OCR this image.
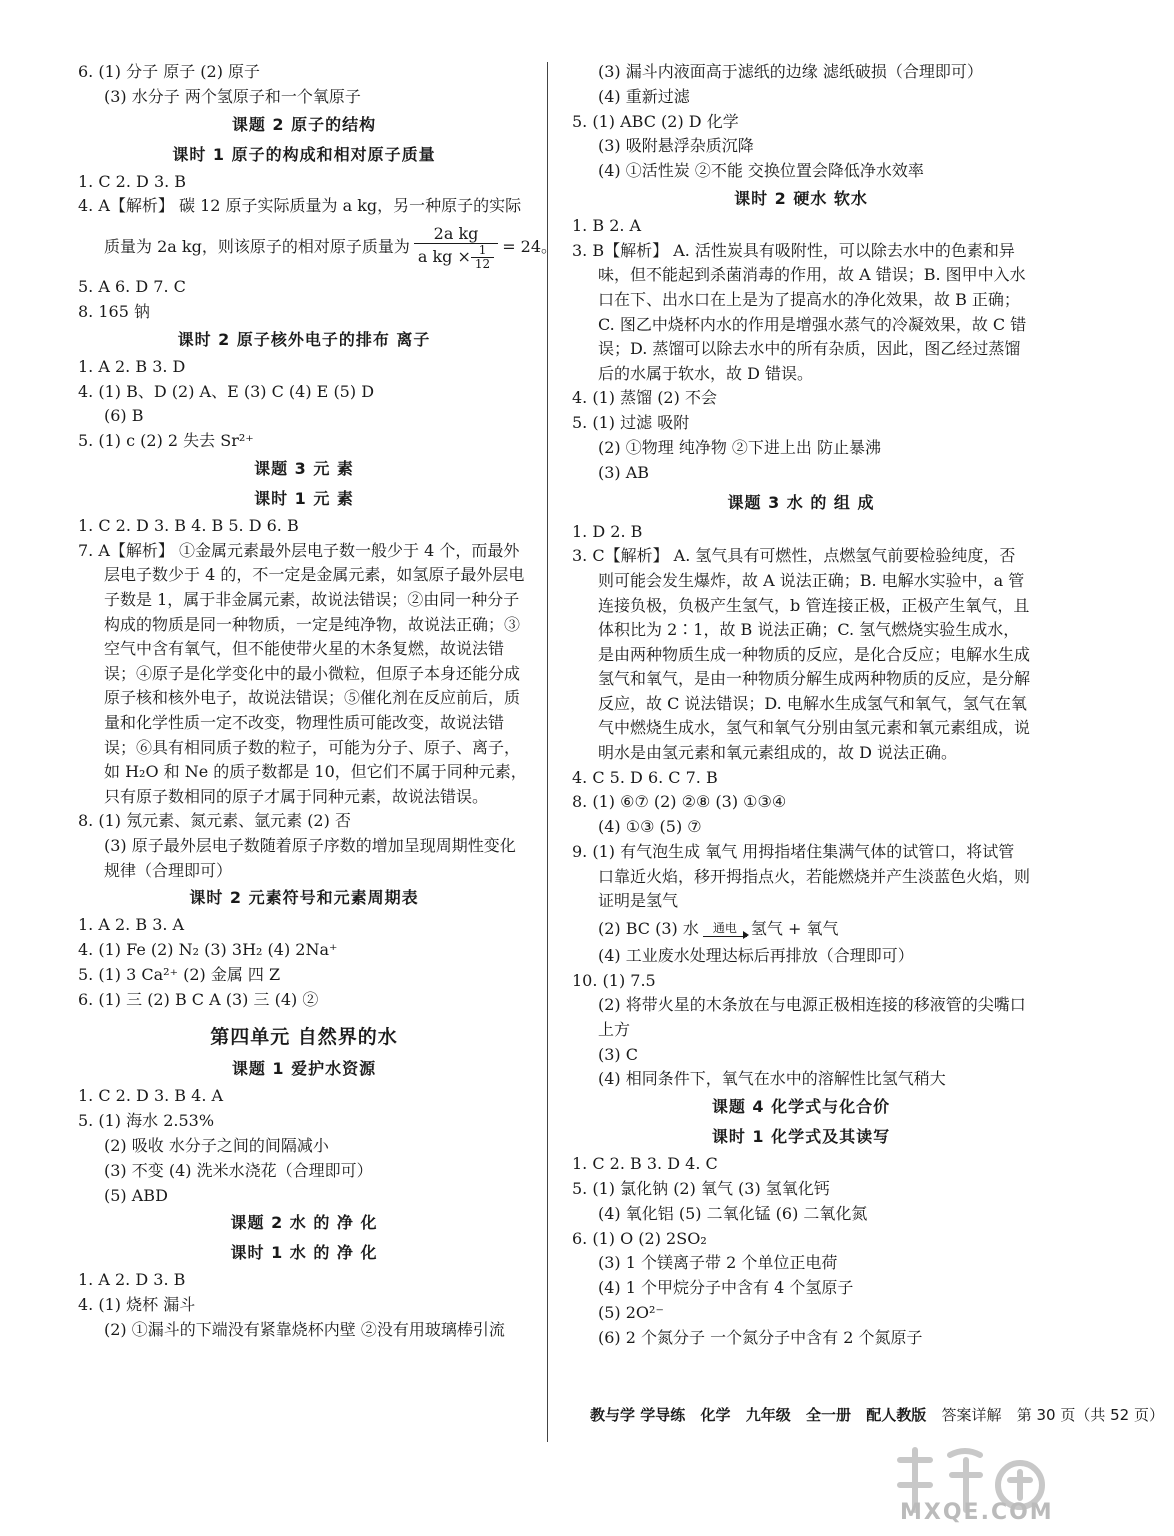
6. (1) 分子 原子 (2) 原子
(3) 水分子 两个氢原子和一个氧原子
课题 2 原子的结构
课时 1 原子的构成和相对原子质量
1. C 2. D 3. B
4. A【解析】 碳 12 原子实际质量为 a kg，另一种原子的实际
质量为 2a kg，则该原子的相对原子质量为 $\frac{\text{2a kg}}{a kg \times \frac{1}{12}} = 24$。
5. A 6. D 7. C
8. 165 钠
课时 2 原子核外电子的排布 离子
1. A 2. B 3. D
4. (1) B、D (2) A、E (3) C (4) E (5) D
(6) B
5. (1) c (2) 2 失去 Sr²⁺
课题 3 元 素
课时 1 元 素
1. C 2. D 3. B 4. B 5. D 6. B
7. A【解析】 ①金属元素最外层电子数一般少于 4 个，而最外层电子数少于 4 的，不一定是金属元素，如氢原子最外层电子数是 1，属于非金属元素，故说法错误；②由同一种分子构成的物质是同一种物质，一定是纯净物，故说法正确；③空气中含有氧气，但不能使带火星的木条复燃，故说法错误；④原子是化学变化中的最小微粒，但原子本身还能分成原子核和核外电子，故说法错误；⑤催化剂在反应前后，质量和化学性质一定不改变，物理性质可能改变，故说法错误；⑥具有相同质子数的粒子，可能为分子、原子、离子，如 H₂O 和 Ne 的质子数都是 10，但它们不属于同种元素，只有原子数相同的原子才属于同种元素，故说法错误。
8. (1) 氖元素、氮元素、氩元素 (2) 否
(3) 原子最外层电子数随着原子序数的增加呈现周期性变化规律（合理即可）
课时 2 元素符号和元素周期表
1. A 2. B 3. A
4. (1) Fe (2) N₂ (3) 3H₂ (4) 2Na⁺
5. (1) 3 Ca²⁺ (2) 金属 四 Z
6. (1) 三 (2) B C A (3) 三 (4) ②
第四单元 自然界的水
课题 1 爱护水资源
1. C 2. D 3. B 4. A
5. (1) 海水 2.53%
(2) 吸收 水分子之间的间隔减小
(3) 不变 (4) 洗米水浇花（合理即可）
(5) ABD
课题 2 水 的 净 化
课时 1 水 的 净 化
1. A 2. D 3. B
4. (1) 烧杯 漏斗
(2) ①漏斗的下端没有紧靠烧杯内壁 ②没有用玻璃棒引流
(3) 漏斗内液面高于滤纸的边缘 滤纸破损（合理即可）
(4) 重新过滤
5. (1) ABC (2) D 化学
(3) 吸附悬浮杂质沉降
(4) ①活性炭 ②不能 交换位置会降低净水效率
课时 2 硬水 软水
1. B 2. A
3. B【解析】 A. 活性炭具有吸附性，可以除去水中的色素和异味，但不能起到杀菌消毒的作用，故 A 错误；B. 图甲中入水口在下、出水口在上是为了提高水的净化效果，故 B 正确；C. 图乙中烧杯内水的作用是增强水蒸气的冷凝效果，故 C 错误；D. 蒸馏可以除去水中的所有杂质，因此，图乙经过蒸馏后的水属于软水，故 D 错误。
4. (1) 蒸馏 (2) 不会
5. (1) 过滤 吸附
(2) ①物理 纯净物 ②下进上出 防止暴沸
(3) AB
课题 3 水 的 组 成
1. D 2. B
3. C【解析】 A. 氢气具有可燃性，点燃氢气前要检验纯度，否则可能会发生爆炸，故 A 说法正确；B. 电解水实验中，a 管连接负极，负极产生氢气，b 管连接正极，正极产生氧气，且体积比为 2∶1，故 B 说法正确；C. 氢气燃烧实验生成水，是由两种物质生成一种物质的反应，是化合反应；电解水生成氢气和氧气，是由一种物质分解生成两种物质的反应，是分解反应，故 C 说法错误；D. 电解水生成氢气和氧气，氢气在氧气中燃烧生成水，氢气和氧气分别由氢元素和氧元素组成，说明水是由氢元素和氧元素组成的，故 D 说法正确。
4. C 5. D 6. C 7. B
8. (1) ⑥⑦ (2) ②⑧ (3) ①③④
(4) ①③ (5) ⑦
9. (1) 有气泡生成 氧气 用拇指堵住集满气体的试管口，将试管口靠近火焰，移开拇指点火，若能燃烧并产生淡蓝色火焰，则证明是氢气
(2) BC (3) 水	通电 氢气 + 氧气
(4) 工业废水处理达标后再排放（合理即可）
10. (1) 7.5
(2) 将带火星的木条放在与电源正极相连接的移液管的尖嘴口上方
(3) C
(4) 相同条件下，氧气在水中的溶解性比氢气稍大
课题 4 化学式与化合价
课时 1 化学式及其读写
1. C 2. B 3. D 4. C
5. (1) 氯化钠 (2) 氧气 (3) 氢氧化钙
(4) 氧化铝 (5) 二氧化锰 (6) 二氧化氮
6. (1) O (2) 2SO₂
(3) 1 个镁离子带 2 个单位正电荷
(4) 1 个甲烷分子中含有 4 个氢原子
(5) 2O²⁻
(6) 2 个氮分子 一个氮分子中含有 2 个氮原子
教与学 学导练 化学 九年级 全一册 配人教版 答案详解 第 30 页（共 52 页）
MXQE.COM
